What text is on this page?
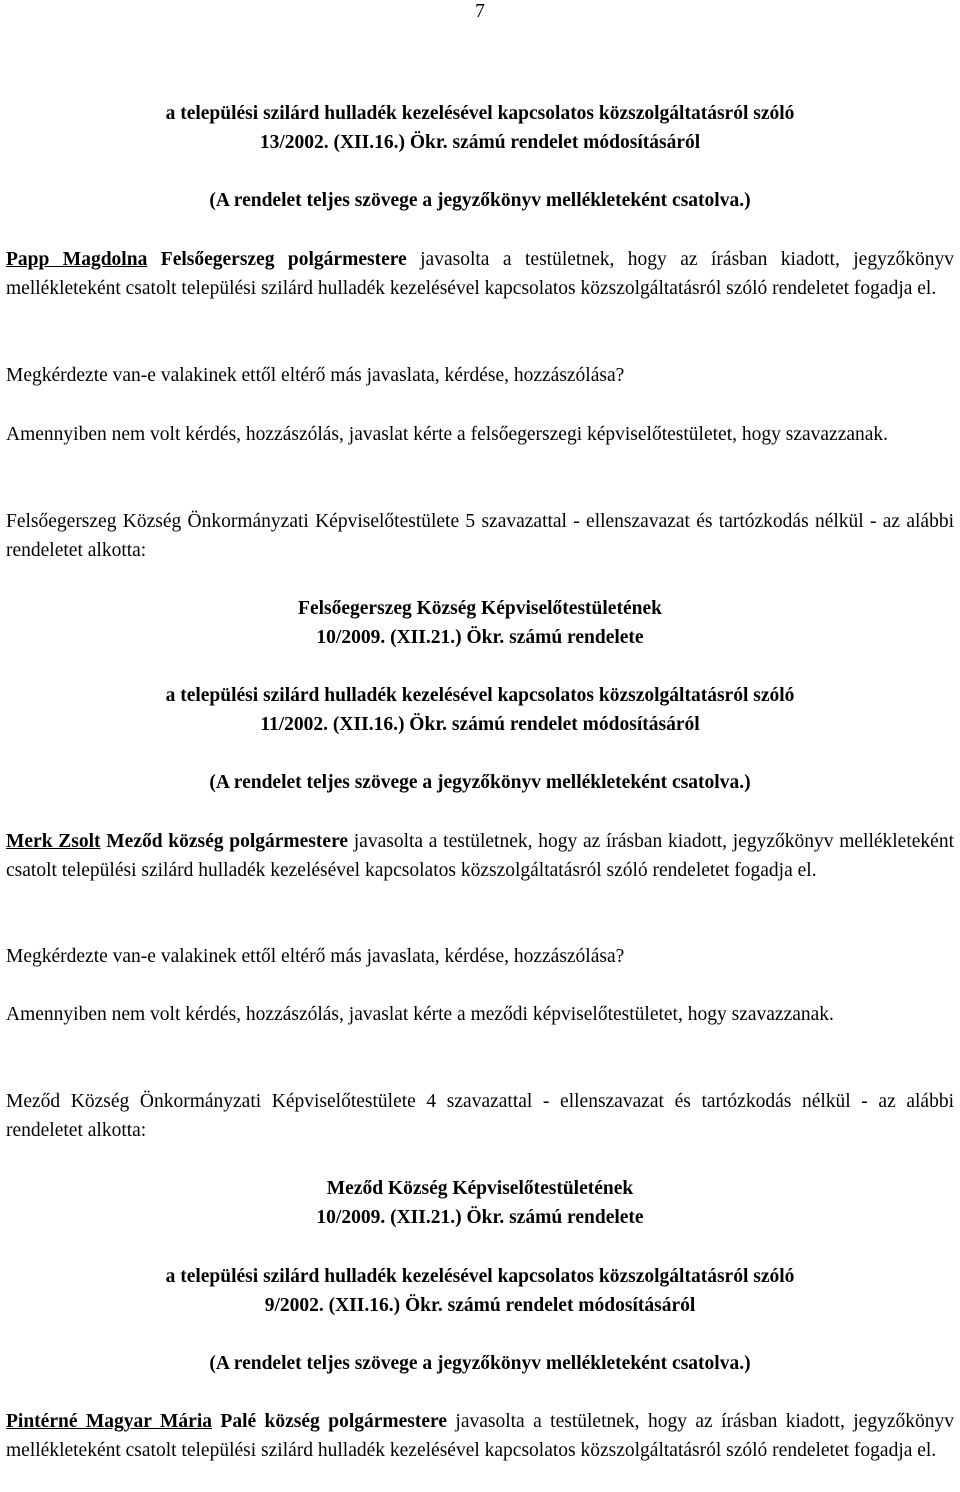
7

a települési szilárd hulladék kezelésével kapcsolatos közszolgáltatásról szóló
13/2002. (XII.16.) Ökr. számú rendelet módosításáról

(A rendelet teljes szövege a jegyzőkönyv mellékleteként csatolva.)

Papp Magdolna Felsőegerszeg polgármestere javasolta a testületnek, hogy az írásban kiadott, jegyzőkönyv mellékleteként csatolt települési szilárd hulladék kezelésével kapcsolatos közszolgáltatásról szóló rendeletet fogadja el.

Megkérdezte van-e valakinek ettől eltérő más javaslata, kérdése, hozzászólása?

Amennyiben nem volt kérdés, hozzászólás, javaslat kérte a felsőegerszegi képviselőtestületet, hogy szavazzanak.

Felsőegerszeg Község Önkormányzati Képviselőtestülete 5 szavazattal - ellenszavazat és tartózkodás nélkül - az alábbi rendeletet alkotta:

Felsőegerszeg Község Képviselőtestületének
10/2009. (XII.21.) Ökr. számú rendelete
a települési szilárd hulladék kezelésével kapcsolatos közszolgáltatásról szóló
11/2002. (XII.16.) Ökr. számú rendelet módosításáról

(A rendelet teljes szövege a jegyzőkönyv mellékleteként csatolva.)

Merk Zsolt Meződ község polgármestere javasolta a testületnek, hogy az írásban kiadott, jegyzőkönyv mellékleteként csatolt települési szilárd hulladék kezelésével kapcsolatos közszolgáltatásról szóló rendeletet fogadja el.

Megkérdezte van-e valakinek ettől eltérő más javaslata, kérdése, hozzászólása?

Amennyiben nem volt kérdés, hozzászólás, javaslat kérte a meződi képviselőtestületet, hogy szavazzanak.

Meződ Község Önkormányzati Képviselőtestülete 4 szavazattal - ellenszavazat és tartózkodás nélkül - az alábbi rendeletet alkotta:

Meződ Község Képviselőtestületének
10/2009. (XII.21.) Ökr. számú rendelete
a települési szilárd hulladék kezelésével kapcsolatos közszolgáltatásról szóló
9/2002. (XII.16.) Ökr. számú rendelet módosításáról

(A rendelet teljes szövege a jegyzőkönyv mellékleteként csatolva.)

Pintérné Magyar Mária Palé község polgármestere javasolta a testületnek, hogy az írásban kiadott, jegyzőkönyv mellékleteként csatolt települési szilárd hulladék kezelésével kapcsolatos közszolgáltatásról szóló rendeletet fogadja el.
